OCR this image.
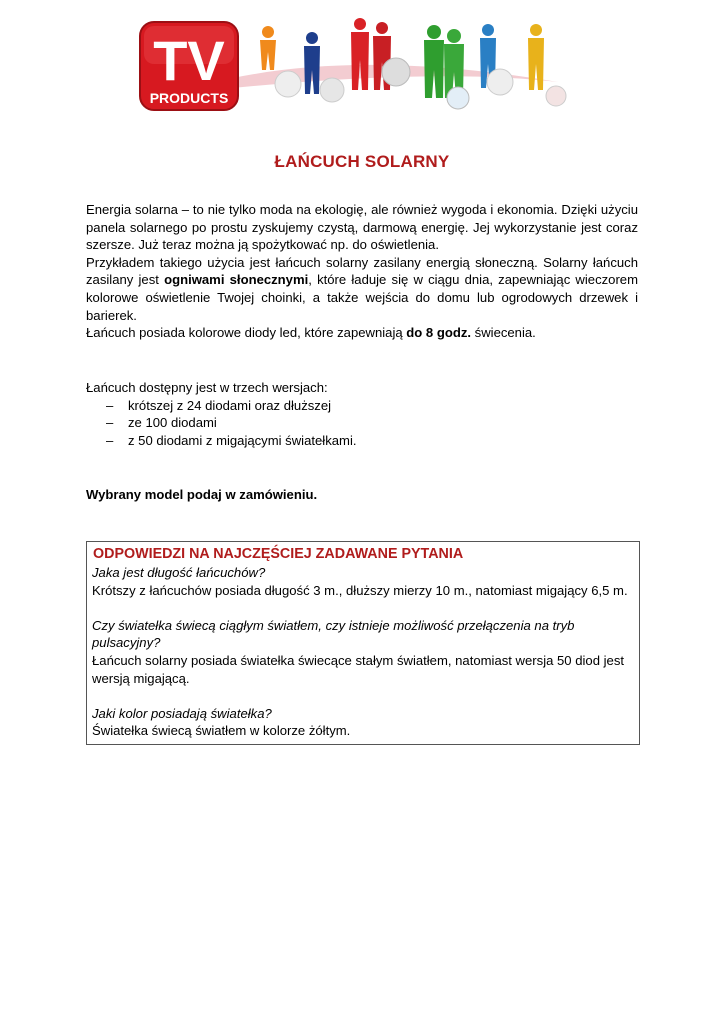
TV
PRODUCTS
ŁAŃCUCH SOLARNY
Energia solarna – to nie tylko moda na ekologię, ale również wygoda i ekonomia. Dzięki użyciu panela solarnego po prostu zyskujemy czystą, darmową energię. Jej wykorzystanie jest coraz szersze. Już teraz można ją spożytkować np. do oświetlenia.
Przykładem takiego użycia jest łańcuch solarny zasilany energią słoneczną. Solarny łańcuch zasilany jest ogniwami słonecznymi, które ładuje się w ciągu dnia, zapewniając wieczorem kolorowe oświetlenie Twojej choinki, a także wejścia do domu lub ogrodowych drzewek i barierek.
Łańcuch posiada kolorowe diody led, które zapewniają do 8 godz. świecenia.
Łańcuch dostępny jest w trzech wersjach:
– krótszej z 24 diodami oraz dłuższej
– ze 100 diodami
– z 50 diodami z migającymi światełkami.
Wybrany model podaj w zamówieniu.
ODPOWIEDZI NA NAJCZĘŚCIEJ ZADAWANE PYTANIA
Jaka jest długość łańcuchów?
Krótszy z łańcuchów posiada długość 3 m., dłuższy mierzy 10 m., natomiast migający 6,5 m.
Czy światełka świecą ciągłym światłem, czy istnieje możliwość przełączenia na tryb pulsacyjny?
Łańcuch solarny posiada światełka świecące stałym światłem, natomiast wersja 50 diod jest wersją migającą.
Jaki kolor posiadają światełka?
Światełka świecą światłem w kolorze żółtym.
